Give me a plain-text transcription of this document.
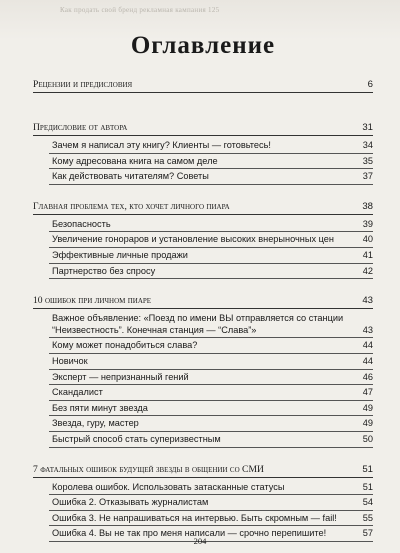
Как продать свой бренд рекламная кампания 125
Оглавление
Рецензии и предисловия	6
Предисловие от автора	31
Зачем я написал эту книгу? Клиенты — готовьтесь!	34
Кому адресована книга на самом деле	35
Как действовать читателям? Советы	37
Главная проблема тех, кто хочет личного пиара	38
Безопасность	39
Увеличение гонораров и установление высоких внерыночных цен	40
Эффективные личные продажи	41
Партнерство без спросу	42
10 ошибок при личном пиаре	43
Важное объявление: «Поезд по имени ВЫ отправляется со станции “Неизвестность”. Конечная станция — “Слава”»	43
Кому может понадобиться слава?	44
Новичок	44
Эксперт — непризнанный гений	46
Скандалист	47
Без пяти минут звезда	49
Звезда, гуру, мастер	49
Быстрый способ стать суперизвестным	50
7 фатальных ошибок будущей звезды в общении со СМИ	51
Королева ошибок. Использовать затасканные статусы	51
Ошибка 2. Отказывать журналистам	54
Ошибка 3. Не напрашиваться на интервью. Быть скромным — fail!	55
Ошибка 4. Вы не так про меня написали — срочно перепишите!	57
204
